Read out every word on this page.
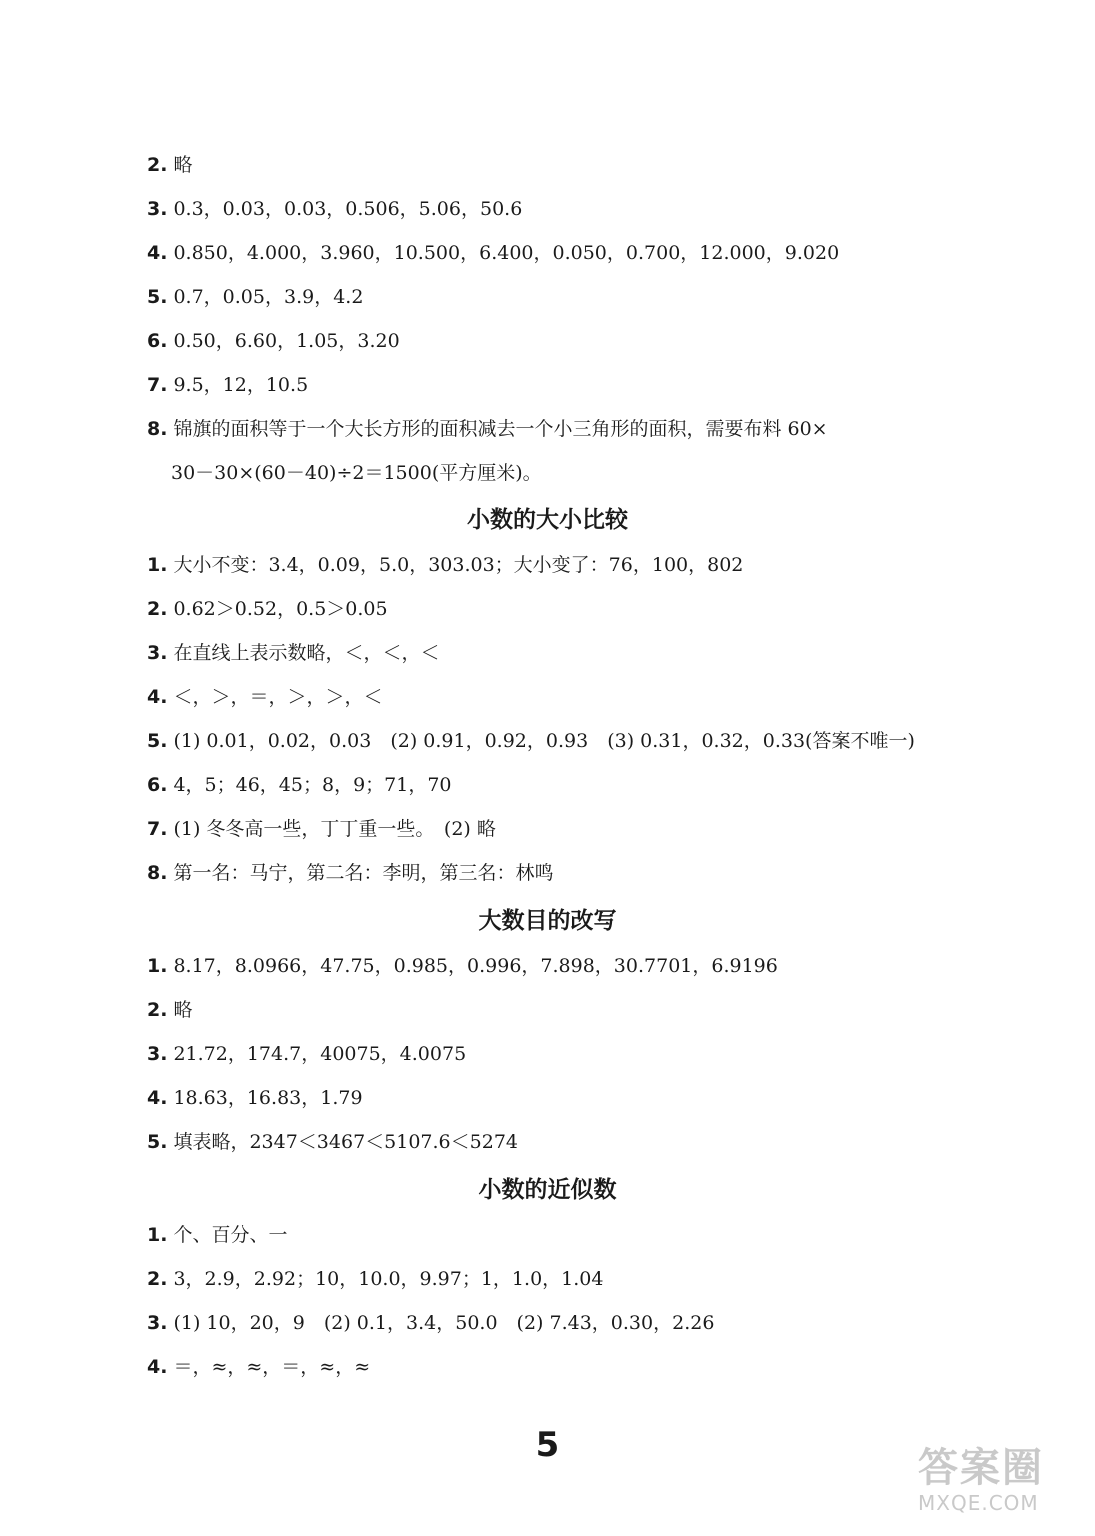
2. 略
3. 0.3，0.03，0.03，0.506，5.06，50.6
4. 0.850，4.000，3.960，10.500，6.400，0.050，0.700，12.000，9.020
5. 0.7，0.05，3.9，4.2
6. 0.50，6.60，1.05，3.20
7. 9.5，12，10.5
8. 锦旗的面积等于一个大长方形的面积减去一个小三角形的面积，需要布料 60×
30－30×(60－40)÷2＝1500(平方厘米)。
小数的大小比较
1. 大小不变：3.4，0.09，5.0，303.03；大小变了：76，100，802
2. 0.62＞0.52，0.5＞0.05
3. 在直线上表示数略，＜，＜，＜
4. ＜，＞，＝，＞，＞，＜
5. (1) 0.01，0.02，0.03　(2) 0.91，0.92，0.93　(3) 0.31，0.32，0.33(答案不唯一)
6. 4，5；46，45；8，9；71，70
7. (1) 冬冬高一些，丁丁重一些。　(2) 略
8. 第一名：马宁，第二名：李明，第三名：林鸣
大数目的改写
1. 8.17，8.0966，47.75，0.985，0.996，7.898，30.7701，6.9196
2. 略
3. 21.72，174.7，40075，4.0075
4. 18.63，16.83，1.79
5. 填表略，2347＜3467＜5107.6＜5274
小数的近似数
1. 个、百分、一
2. 3，2.9，2.92；10，10.0，9.97；1，1.0，1.04
3. (1) 10，20，9　(2) 0.1，3.4，50.0　(2) 7.43，0.30，2.26
4. ＝，≈，≈，＝，≈，≈
5	答案圈
MXQE.COM
